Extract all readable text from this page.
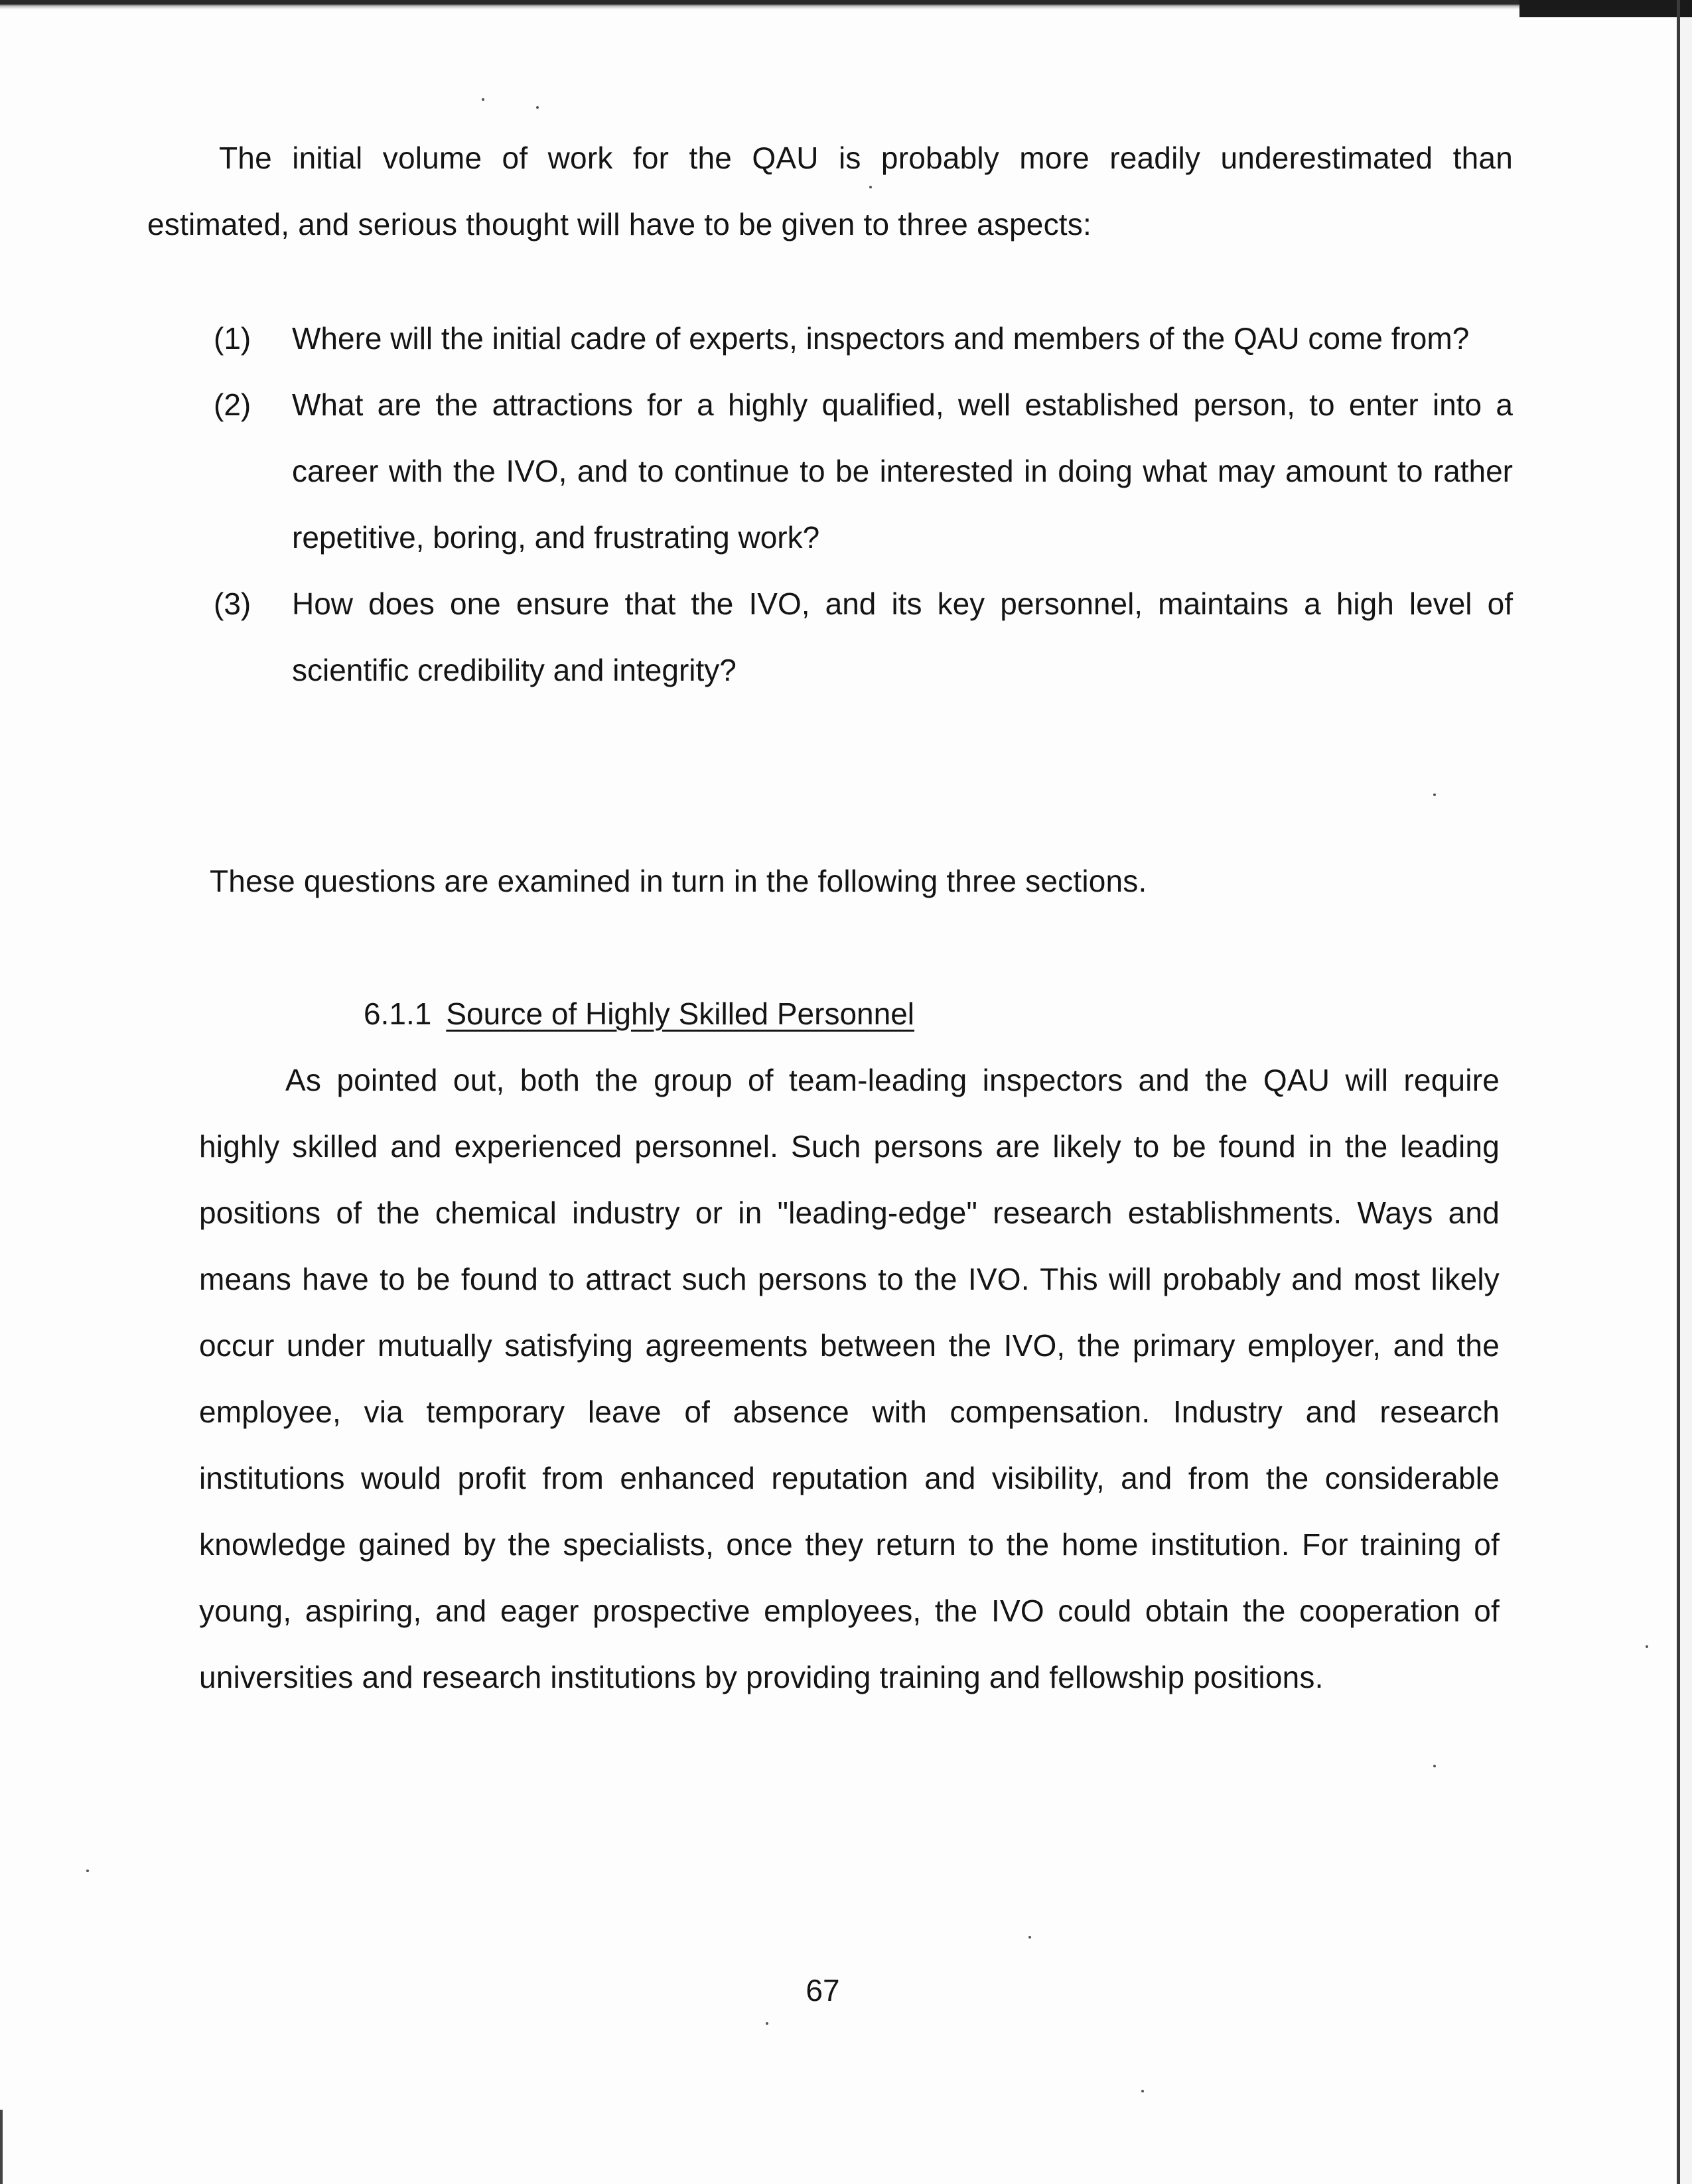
The initial volume of work for the QAU is probably more readily underestimated than estimated, and serious thought will have to be given to three aspects:

(1) Where will the initial cadre of experts, inspectors and members of the QAU come from?

(2) What are the attractions for a highly qualified, well established person, to enter into a career with the IVO, and to continue to be interested in doing what may amount to rather repetitive, boring, and frustrating work?

(3) How does one ensure that the IVO, and its key personnel, maintains a high level of scientific credibility and integrity?

These questions are examined in turn in the following three sections.

6.1.1 Source of Highly Skilled Personnel

As pointed out, both the group of team-leading inspectors and the QAU will require highly skilled and experienced personnel. Such persons are likely to be found in the leading positions of the chemical industry or in "leading-edge" research establishments. Ways and means have to be found to attract such persons to the IVO. This will probably and most likely occur under mutually satisfying agreements between the IVO, the primary employer, and the employee, via temporary leave of absence with compensation. Industry and research institutions would profit from enhanced reputation and visibility, and from the considerable knowledge gained by the specialists, once they return to the home institution. For training of young, aspiring, and eager prospective employees, the IVO could obtain the cooperation of universities and research institutions by providing training and fellowship positions.

67
